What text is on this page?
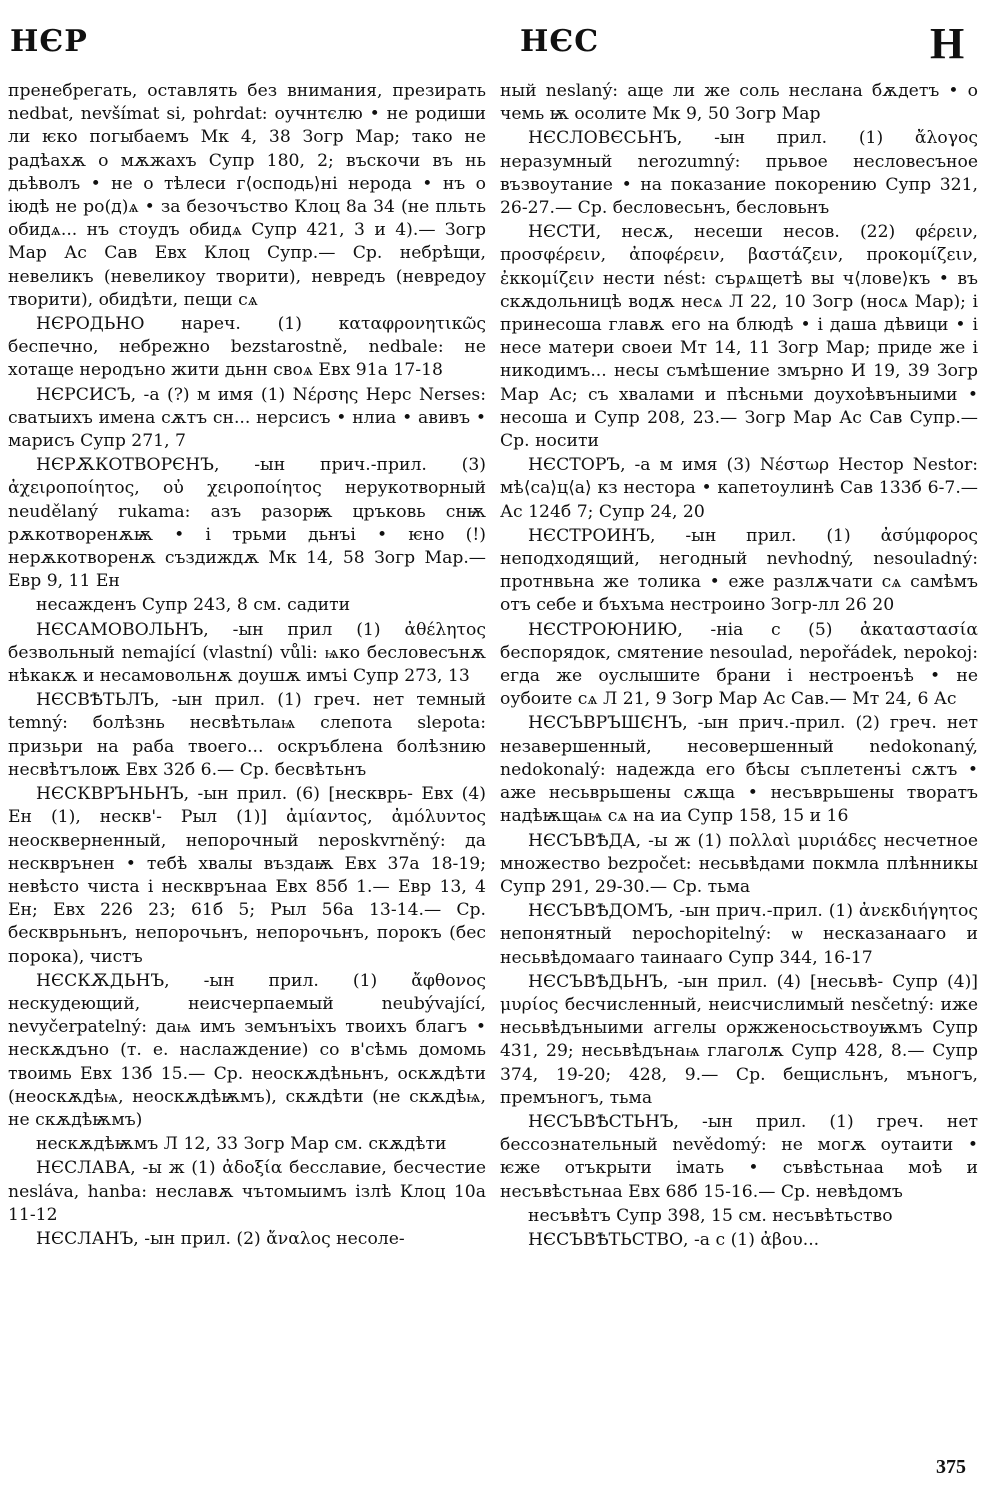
НЄР	НЄС	Н

пренебрегать, оставлять без внимания, презирать nedbat, nevšímat si, pohrdat: оучнтєлю • не родиши ли ѥко погыбаемъ Мк 4, 38 Зогр Мар; тако не радѣахѫ о мѫжахъ Супр 180, 2; въскочи въ нь дьѣволъ • не о тѣлеси г⟨осподь⟩ні нерода • нъ о іюдѣ не ро(д)ѧ • за безочъство Клоц 8а 34 (не пльть обидѧ... нъ стоудъ обидѧ Супр 421, 3 и 4).— Зогр Мар Ас Сав Евх Клоц Супр.— Ср. небрѣщи, невеликъ (невеликоу творити), невредъ (невредоу творити), обидѣти, пещи сѧ

НЄРОДЬНО нареч. (1) καταφρονητικῶς беспечно, небрежно bezstarostně, nedbale: не хотаще неродъно жити дьнн своѧ Евх 91а 17-18

НЄРСИСЪ, -а (?) м имя (1) Νέρσης Нерс Nerses: сватыихъ имена сѫтъ сн... нерсисъ • нлиа • авивъ • марисъ Супр 271, 7

НЄРѪКОТВОРЄНЪ, -ын прич.-прил. (3) ἀχειροποίητος, οὐ χειροποίητος нерукотворный neudělaný rukama: азъ разорѭ цръковь снѭ рѫкотворенѫѭ • і трьми дьнъі • ѥно (!) нерѫкотворенѫ създиждѫ Мк 14, 58 Зогр Мар.— Евр 9, 11 Ен

несажденъ Супр 243, 8 см. садити

НЄСАМОВОЛЬНЪ, -ын прил (1) ἀθέλητος безвольный nemající (vlastní) vůli: ѩко бесловесънѫ нѣкакѫ и несамовольнѫ доушѫ имъі Супр 273, 13

НЄСВѢТЬЛЪ, -ын прил. (1) греч. нет темный temný: болѣзнь несвѣтьлаѩ слепота slepota: призьри на раба твоего... оскръблена болѣзнию несвѣтълоѭ Евх 32б 6.— Ср. бесвѣтьнъ

НЄСКВРЪНЬНЪ, -ын прил. (6) [нескврь- Евх (4) Ен (1), нескв'- Рыл (1)] ἀμίαντος, ἀμόλυντος неоскверненный, непорочный neposkvrněný: да нескврънен • тебѣ хвалы въздаѭ Евх 37а 18-19; невѣсто чиста і нескврънаа Евх 85б 1.— Евр 13, 4 Ен; Евх 226 23; 61б 5; Рыл 56а 13-14.— Ср. бескврьньнъ, непорочьнъ, непорочьнъ, порокъ (бес порока), чистъ

НЄСКѪДЬНЪ, -ын прил. (1) ἄφθονος нескудеющий, неисчерпаемый neubývající, nevyčerpatelný: даѩ имъ земънъіхъ твоихъ благъ • нескѫдъно (т. е. наслаждение) со в'сѣмь домомь твоимь Евх 13б 15.— Ср. неоскѫдѣньнъ, оскѫдѣти (неоскѫдѣѩ, неоскѫдѣѭмъ), скѫдѣти (не скѫдѣѩ, не скѫдѣѭмъ)

нескѫдѣѭмъ Л 12, 33 Зогр Мар см. скѫдѣти

НЄСЛАВА, -ы ж (1) ἀδοξία бесславие, бесчестие nesláva, hanba: неславѫ чътомыимъ ізлѣ Клоц 10а 11-12

НЄСЛАНЪ, -ын прил. (2) ἄναλος несоле-

ный neslaný: аще ли же соль неслана бѫдетъ • о чемь ѭ осолите Мк 9, 50 Зогр Мар

НЄСЛОВЄСЬНЪ, -ын прил. (1) ἄλογος неразумный nerozumný: прьвое несловесъное възвоутание • на показание покорению Супр 321, 26-27.— Ср. бесловесьнъ, бесловьнъ

НЄСТИ, несѫ, несеши несов. (22) φέρειν, προσφέρειν, ἀποφέρειν, βαστάζειν, προκομίζειν, ἐκκομίζειν нести nést: сърѧщетѣ вы ч⟨лове⟩къ • въ скѫдольницѣ водѫ несѧ Л 22, 10 Зогр (носѧ Мар); і принесоша главѫ его на блюдѣ • і даша дѣвици • і несе матери своеи Мт 14, 11 Зогр Мар; приде же і никодимъ... несы съмѣшение змърно И 19, 39 Зогр Мар Ас; съ хвалами и пѣсньми доухоѣвъныими • несоша и Супр 208, 23.— Зогр Мар Ас Сав Супр.— Ср. носити

НЄСТОРЪ, -а м имя (3) Νέστωρ Нестор Nestor: мѣ⟨са⟩ц⟨а⟩ кз нестора • капетоулинѣ Сав 133б 6-7.— Ас 124б 7; Супр 24, 20

НЄСТРОИНЪ, -ын прил. (1) ἀσύμφορος неподходящий, негодный nevhodný, nesouladný: протнвьна же толика • еже разлѫчати сѧ самѣмъ отъ себе и бъхъма нестроино Зогр-лл 26 20

НЄСТРОЮНИЮ, -ніа с (5) ἀκαταστασία беспорядок, смятение nesoulad, nepořádek, nepokoj: егда же оуслышите брани і нестроенъѣ • не оубоите сѧ Л 21, 9 Зогр Мар Ас Сав.— Мт 24, 6 Ас

НЄСЪВРЪШЄНЪ, -ын прич.-прил. (2) греч. нет незавершенный, несовершенный nedokonaný, nedokonalý: надежда его бѣсы съплетенъі сѫтъ • аже несьврьшены сѫща • несъврьшены творатъ надѣѭщаѩ сѧ на иа Супр 158, 15 и 16

НЄСЪВѢДА, -ы ж (1) πολλαὶ μυριάδες несчетное множество bezpočet: несьвѣдами покмла плѣнникы Супр 291, 29-30.— Ср. тьма

НЄСЪВѢДОМЪ, -ын прич.-прил. (1) ἀνεκδιήγητος непонятный nepochopitelný: ѡ несказанааго и несьвѣдомааго таинааго Супр 344, 16-17

НЄСЪВѢДЬНЪ, -ын прил. (4) [несьвѣ- Супр (4)] μυρίος бесчисленный, неисчислимый nesčetný: иже несьвѣдъныими аггелы оржженосьствоуѭмъ Супр 431, 29; несьвѣдънаѩ глаголѫ Супр 428, 8.— Супр 374, 19-20; 428, 9.— Ср. бещисльнъ, мъногъ, премъногъ, тьма

НЄСЪВѢСТЬНЪ, -ын прил. (1) греч. нет бессознательный nevědomý: не могѫ оутаити • ѥже отъкрыти імать • съвѣстьнаа моѣ и несъвѣстьнаа Евх 68б 15-16.— Ср. невѣдомъ

несъвѣтъ Супр 398, 15 см. несъвѣтьство

НЄСЪВѢТЬСТВО, -а с (1) ἀβου...

375
